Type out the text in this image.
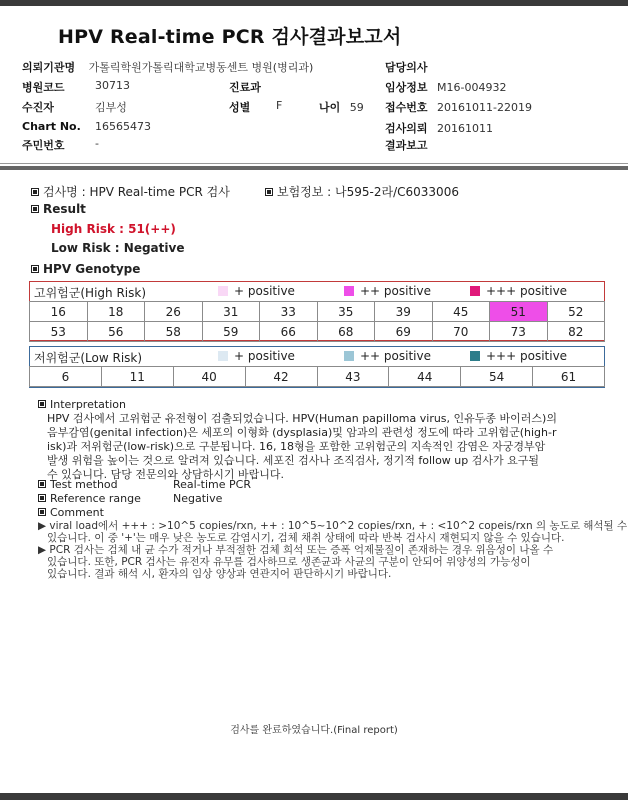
HPV Real-time PCR 검사결과보고서
의뢰기관명 가톨릭학원가톨릭대학교병동센트 병원(병리과)	담당의사
병원코드	30713	진료과	임상정보 M16-004932
수진자	김부성	성별 F	나이 59 접수번호 20161011-22019
Chart No. 16565473	검사의뢰 20161011
주민번호	-	결과보고
검사명 : HPV Real-time PCR 검사	보험정보 : 나595-2라/C6033006
Result
High Risk : 51(++)
Low Risk : Negative
HPV Genotype
고위험군(High Risk)	+ positive	++ positive	+++ positive
16	18	26	31	33	35	39	45	51	52
53	56	58	59	66	68	69	70	73	82
저위험군(Low Risk)	+ positive	++ positive	+++ positive
6	11	40	42	43	44	54	61
Interpretation
HPV 검사에서 고위험군 유전형이 검출되었습니다. HPV(Human papilloma virus, 인유두종 바이러스)의
음부감염(genital infection)은 세포의 이형화 (dysplasia)및 암과의 관련성 정도에 따라 고위험군(high-r
isk)과 저위험군(low-risk)으로 구분됩니다. 16, 18형을 포함한 고위험군의 지속적인 감염은 자궁경부암
발생 위험을 높이는 것으로 알려져 있습니다. 세포진 검사나 조직검사, 정기적 follow up 검사가 요구될
수 있습니다. 담당 전문의와 상담하시기 바랍니다.
Test method	Real-time PCR
Reference range	Negative
Comment
▶ viral load에서 +++ : >10^5 copies/rxn, ++ : 10^5~10^2 copies/rxn, + : <10^2 copeis/rxn 의 농도로 해석될 수
있습니다. 이 중 '+'는 매우 낮은 농도로 감염시기, 검체 채취 상태에 따라 반복 검사시 재현되지 않을 수 있습니다.
▶ PCR 검사는 검체 내 균 수가 적거나 부적절한 검체 희석 또는 증폭 억제물질이 존재하는 경우 위음성이 나올 수
있습니다. 또한, PCR 검사는 유전자 유무를 검사하므로 생존균과 사균의 구분이 안되어 위양성의 가능성이
있습니다. 결과 해석 시, 환자의 임상 양상과 연관지어 판단하시기 바랍니다.
검사를 완료하였습니다.(Final report)
